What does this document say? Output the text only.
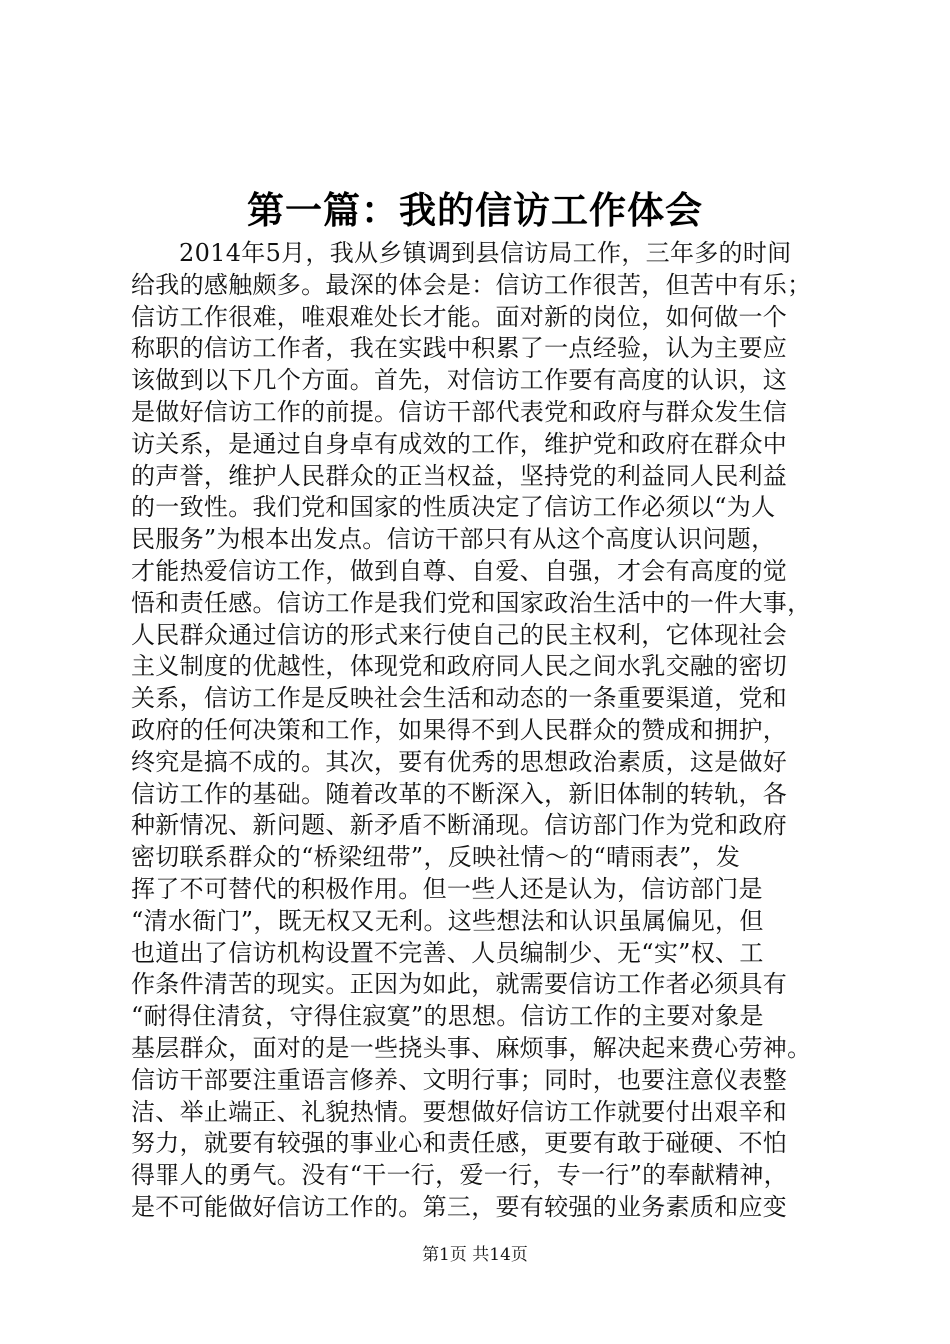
第一篇：我的信访工作体会
2014年5月，我从乡镇调到县信访局工作，三年多的时间
给我的感触颇多。最深的体会是：信访工作很苦，但苦中有乐；
信访工作很难，唯艰难处长才能。面对新的岗位，如何做一个
称职的信访工作者，我在实践中积累了一点经验，认为主要应
该做到以下几个方面。首先，对信访工作要有高度的认识，这
是做好信访工作的前提。信访干部代表党和政府与群众发生信
访关系，是通过自身卓有成效的工作，维护党和政府在群众中
的声誉，维护人民群众的正当权益，坚持党的利益同人民利益
的一致性。我们党和国家的性质决定了信访工作必须以“为人
民服务”为根本出发点。信访干部只有从这个高度认识问题，
才能热爱信访工作，做到自尊、自爱、自强，才会有高度的觉
悟和责任感。信访工作是我们党和国家政治生活中的一件大事，
人民群众通过信访的形式来行使自己的民主权利，它体现社会
主义制度的优越性，体现党和政府同人民之间水乳交融的密切
关系，信访工作是反映社会生活和动态的一条重要渠道，党和
政府的任何决策和工作，如果得不到人民群众的赞成和拥护，
终究是搞不成的。其次，要有优秀的思想政治素质，这是做好
信访工作的基础。随着改革的不断深入，新旧体制的转轨，各
种新情况、新问题、新矛盾不断涌现。信访部门作为党和政府
密切联系群众的“桥梁纽带”，反映社情～的“晴雨表”，发
挥了不可替代的积极作用。但一些人还是认为，信访部门是
“清水衙门”，既无权又无利。这些想法和认识虽属偏见，但
也道出了信访机构设置不完善、人员编制少、无“实”权、工
作条件清苦的现实。正因为如此，就需要信访工作者必须具有
“耐得住清贫，守得住寂寞”的思想。信访工作的主要对象是
基层群众，面对的是一些挠头事、麻烦事，解决起来费心劳神。
信访干部要注重语言修养、文明行事；同时，也要注意仪表整
洁、举止端正、礼貌热情。要想做好信访工作就要付出艰辛和
努力，就要有较强的事业心和责任感，更要有敢于碰硬、不怕
得罪人的勇气。没有“干一行，爱一行，专一行”的奉献精神，
是不可能做好信访工作的。第三，要有较强的业务素质和应变
第1页 共14页
